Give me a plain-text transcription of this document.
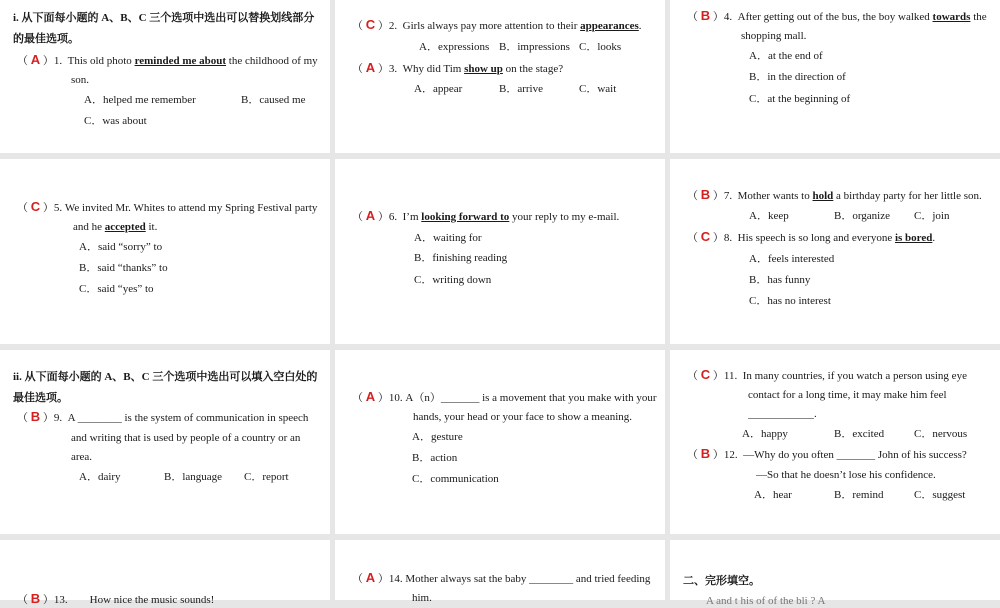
i. 从下面每小题的 A、B、C 三个选项中选出可以替换划线部分
的最佳选项。
（ A ）1. This old photo reminded me about the childhood of my
son.
A．helped me remember	B．caused me
C．was about
（ C ）2. Girls always pay more attention to their appearances.
A．expressions B．impressions C．looks
（ A ）3. Why did Tim show up on the stage?
A．appear	B．arrive	C．wait
（ B ）4. After getting out of the bus, the boy walked towards the
shopping mall.
A．at the end of
B．in the direction of
C．at the beginning of
（ C ）5. We invited Mr. Whites to attend my Spring Festival party
and he accepted it.
A．said “sorry” to
B．said “thanks” to
C．said “yes” to
（ A ）6. I’m looking forward to your reply to my e-mail.
A．waiting for
B．finishing reading
C．writing down
（ B ）7. Mother wants to hold a birthday party for her little son.
A．keep	B．organize C．join
（ C ）8. His speech is so long and everyone is bored.
A．feels interested
B．has funny
C．has no interest
ii. 从下面每小题的 A、B、C 三个选项中选出可以填入空白处的
最佳选项。
（ B ）9. A ________ is the system of communication in speech
and writing that is used by people of a country or an
area.
A．dairy	B．language C．report
（ A ）10. A（n）_______ is a movement that you make with your
hands, your head or your face to show a meaning.
A．gesture
B．action
C．communication
（ C ）11. In many countries, if you watch a person using eye
contact for a long time, it may make him feel
____________.
A．happy	B．excited	C．nervous
（ B ）12. —Why do you often _______ John of his success?
—So that he doesn’t lose his confidence.
A．hear	B．remind	C．suggest
（ B ）13. How nice the music sounds!
（ A ）14. Mother always sat the baby ________ and tried feeding
him.
二、完形填空。
A and t his of of the bli ? A
